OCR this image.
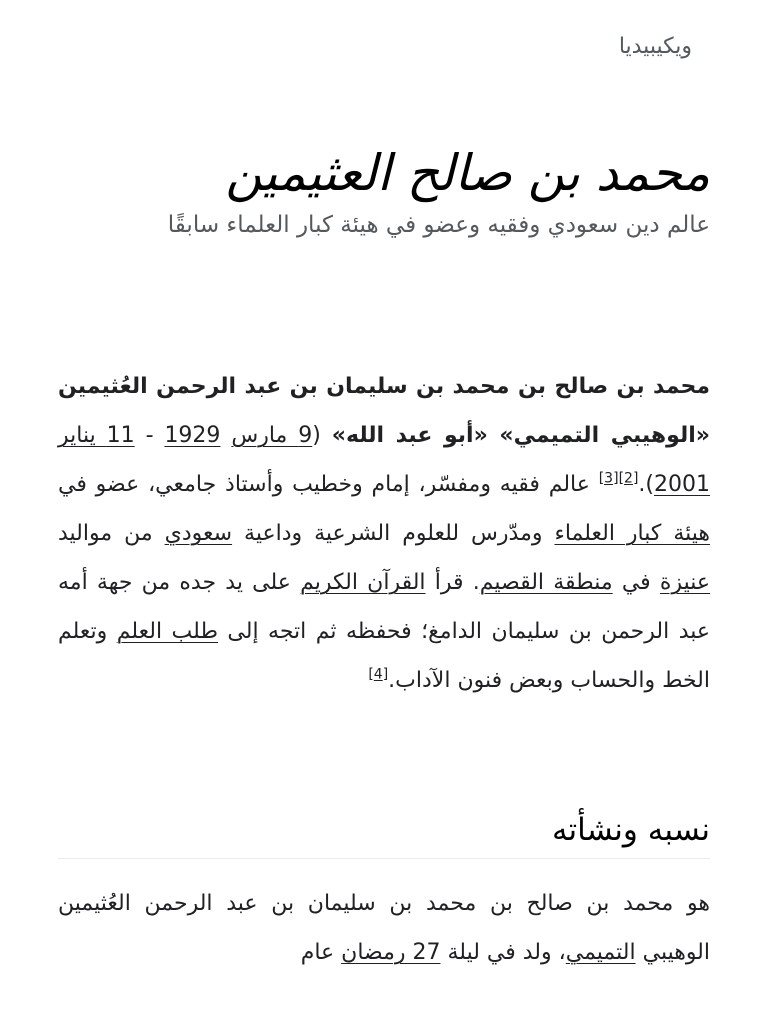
ويكيبيديا
محمد بن صالح العثيمين

عالم دين سعودي وفقيه وعضو في هيئة كبار العلماء سابقًا

محمد بن صالح بن محمد بن سليمان بن عبد الرحمن العُثيمين «الوهيبي التميمي» «أبو عبد الله» (9 مارس 1929 - 11 يناير 2001).[2][3] عالم فقيه ومفسّر، إمام وخطيب وأستاذ جامعي، عضو في هيئة كبار العلماء ومدّرس للعلوم الشرعية وداعية سعودي من مواليد عنيزة في منطقة القصيم. قرأ القرآن الكريم على يد جده من جهة أمه عبد الرحمن بن سليمان الدامغ؛ فحفظه ثم اتجه إلى طلب العلم وتعلم الخط والحساب وبعض فنون الآداب.[4]

نسبه ونشأته

هو محمد بن صالح بن محمد بن سليمان بن عبد الرحمن العُثيمين الوهيبي التميمي، ولد في ليلة 27 رمضان عام
